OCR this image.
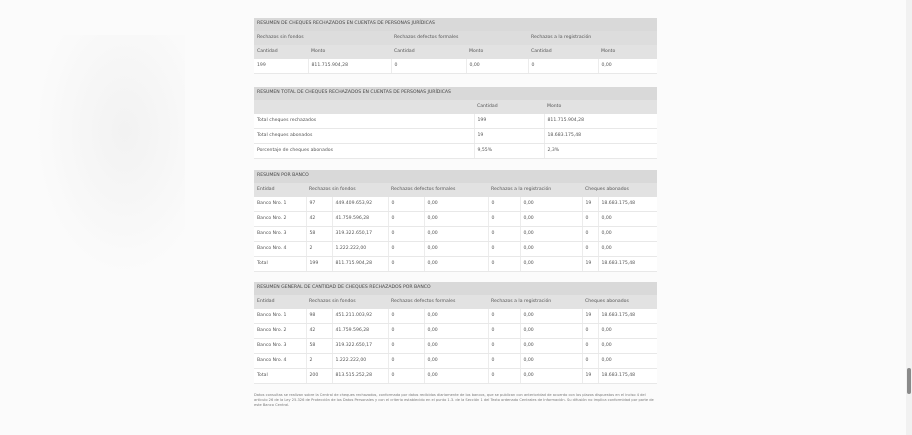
RESUMEN DE CHEQUES RECHAZADOS EN CUENTAS DE PERSONAS JURÍDICAS					
Rechazos sin fondos		Rechazos defectos formales		Rechazos a la registración	
Cantidad	Monto	Cantidad	Monto	Cantidad	Monto
199	811.715.904,28	0	0,00	0	0,00
RESUMEN TOTAL DE CHEQUES RECHAZADOS EN CUENTAS DE PERSONAS JURÍDICAS		
	Cantidad	Monto
Total cheques rechazados	199	811.715.904,28
Total cheques abonados	19	18.683.175,48
Porcentaje de cheques abonados	9,55%	2,3%
RESUMEN POR BANCO								
Entidad	Rechazos sin fondos		Rechazos defectos formales		Rechazos a la registración		Cheques abonados	
Banco Nro. 1	97	449.409.653,92	0	0,00	0	0,00	19	18.683.175,48
Banco Nro. 2	42	41.759.596,28	0	0,00	0	0,00	0	0,00
Banco Nro. 3	58	319.322.650,17	0	0,00	0	0,00	0	0,00
Banco Nro. 4	2	1.222.222,00	0	0,00	0	0,00	0	0,00
Total	199	811.715.904,28	0	0,00	0	0,00	19	18.683.175,48
RESUMEN GENERAL DE CANTIDAD DE CHEQUES RECHAZADOS POR BANCO								
Entidad	Rechazos sin fondos		Rechazos defectos formales		Rechazos a la registración		Cheques abonados	
Banco Nro. 1	98	451.211.003,92	0	0,00	0	0,00	19	18.683.175,48
Banco Nro. 2	42	41.759.596,28	0	0,00	0	0,00	0	0,00
Banco Nro. 3	58	319.322.650,17	0	0,00	0	0,00	0	0,00
Banco Nro. 4	2	1.222.222,00	0	0,00	0	0,00	0	0,00
Total	200	813.515.252,28	0	0,00	0	0,00	19	18.683.175,48
Datos consultas se realizan sobre la Central de cheques rechazados, conformada por datos recibidos diariamente de los bancos, que se publican con anterioridad de acuerdo con los plazos dispuestos en el inciso 4 del artículo 26 de la Ley 25.326 de Protección de los Datos Personales y con el criterio establecido en el punto 1.3. de la Sección 1 del Texto ordenado Centrales de Información. Su difusión no implica conformidad por parte de este Banco Central.
